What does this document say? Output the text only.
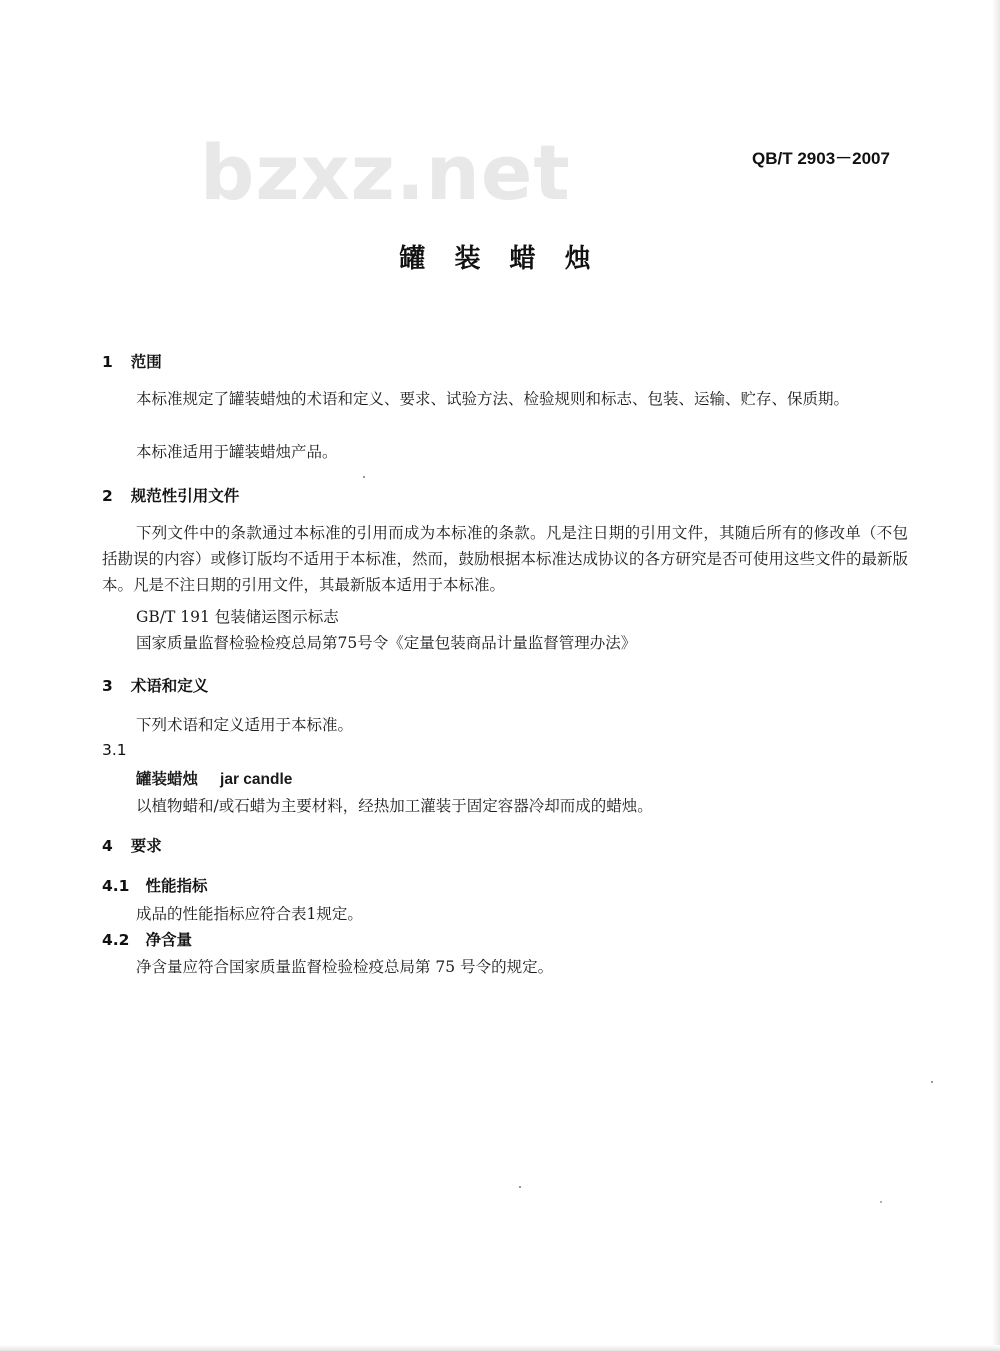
bzxz.net	QB/T 2903－2007
罐 装 蜡 烛
1 范围
本标准规定了罐装蜡烛的术语和定义、要求、试验方法、检验规则和标志、包装、运输、贮存、保质期。
本标准适用于罐装蜡烛产品。
2 规范性引用文件
下列文件中的条款通过本标准的引用而成为本标准的条款。凡是注日期的引用文件，其随后所有的修改单（不包括勘误的内容）或修订版均不适用于本标准，然而，鼓励根据本标准达成协议的各方研究是否可使用这些文件的最新版本。凡是不注日期的引用文件，其最新版本适用于本标准。
GB/T 191 包装储运图示标志
国家质量监督检验检疫总局第75号令《定量包装商品计量监督管理办法》
3 术语和定义
下列术语和定义适用于本标准。
3.1
罐装蜡烛 jar candle
以植物蜡和/或石蜡为主要材料，经热加工灌装于固定容器冷却而成的蜡烛。
4 要求
4.1 性能指标
成品的性能指标应符合表1规定。
4.2 净含量
净含量应符合国家质量监督检验检疫总局第 75 号令的规定。
